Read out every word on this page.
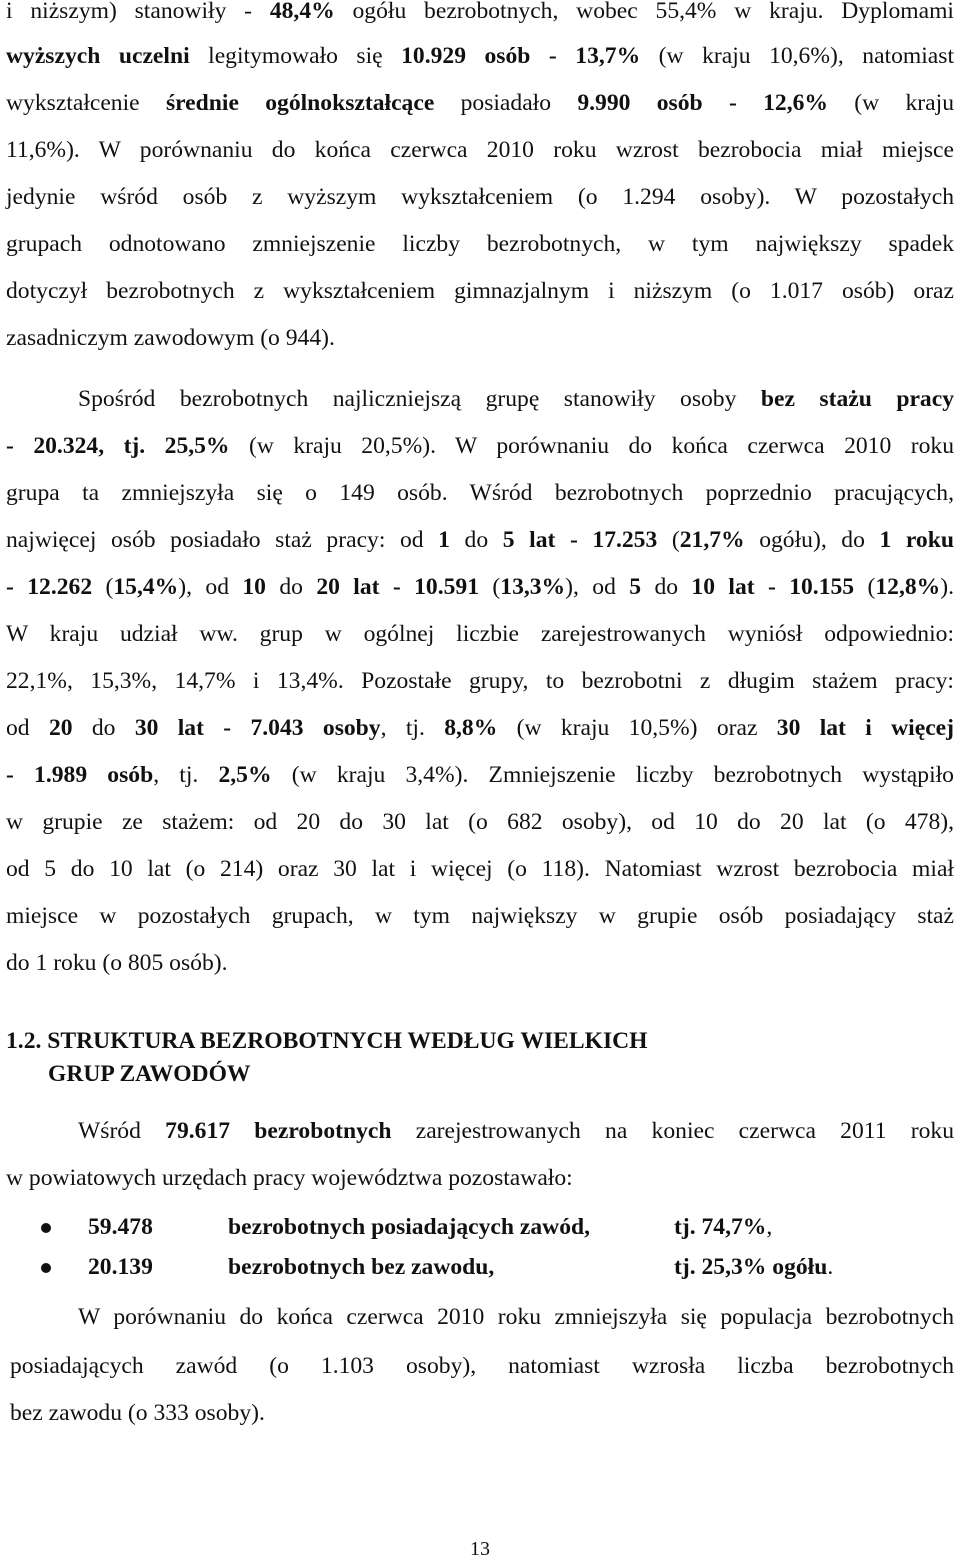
i niższym) stanowiły - 48,4% ogółu bezrobotnych, wobec 55,4% w kraju. Dyplomami
wyższych uczelni legitymowało się 10.929 osób - 13,7% (w kraju 10,6%), natomiast
wykształcenie średnie ogólnokształcące posiadało 9.990 osób - 12,6% (w kraju
11,6%). W porównaniu do końca czerwca 2010 roku wzrost bezrobocia miał miejsce
jedynie wśród osób z wyższym wykształceniem (o 1.294 osoby). W pozostałych
grupach odnotowano zmniejszenie liczby bezrobotnych, w tym największy spadek
dotyczył bezrobotnych z wykształceniem gimnazjalnym i niższym (o 1.017 osób) oraz
zasadniczym zawodowym (o 944).
Spośród bezrobotnych najliczniejszą grupę stanowiły osoby bez stażu pracy
- 20.324, tj. 25,5% (w kraju 20,5%). W porównaniu do końca czerwca 2010 roku
grupa ta zmniejszyła się o 149 osób. Wśród bezrobotnych poprzednio pracujących,
najwięcej osób posiadało staż pracy: od 1 do 5 lat - 17.253 (21,7% ogółu), do 1 roku
- 12.262 (15,4%), od 10 do 20 lat - 10.591 (13,3%), od 5 do 10 lat - 10.155 (12,8%).
W kraju udział ww. grup w ogólnej liczbie zarejestrowanych wyniósł odpowiednio:
22,1%, 15,3%, 14,7% i 13,4%. Pozostałe grupy, to bezrobotni z długim stażem pracy:
od 20 do 30 lat - 7.043 osoby, tj. 8,8% (w kraju 10,5%) oraz 30 lat i więcej
- 1.989 osób, tj. 2,5% (w kraju 3,4%). Zmniejszenie liczby bezrobotnych wystąpiło
w grupie ze stażem: od 20 do 30 lat (o 682 osoby), od 10 do 20 lat (o 478),
od 5 do 10 lat (o 214) oraz 30 lat i więcej (o 118). Natomiast wzrost bezrobocia miał
miejsce w pozostałych grupach, w tym największy w grupie osób posiadający staż
do 1 roku (o 805 osób).
1.2. STRUKTURA BEZROBOTNYCH WEDŁUG WIELKICH
GRUP ZAWODÓW
Wśród 79.617 bezrobotnych zarejestrowanych na koniec czerwca 2011 roku
w powiatowych urzędach pracy województwa pozostawało:
59.478	bezrobotnych posiadających zawód,	tj. 74,7%,
20.139	bezrobotnych bez zawodu,	tj. 25,3% ogółu.
W porównaniu do końca czerwca 2010 roku zmniejszyła się populacja bezrobotnych
posiadających zawód (o 1.103 osoby), natomiast wzrosła liczba bezrobotnych
bez zawodu (o 333 osoby).
13
